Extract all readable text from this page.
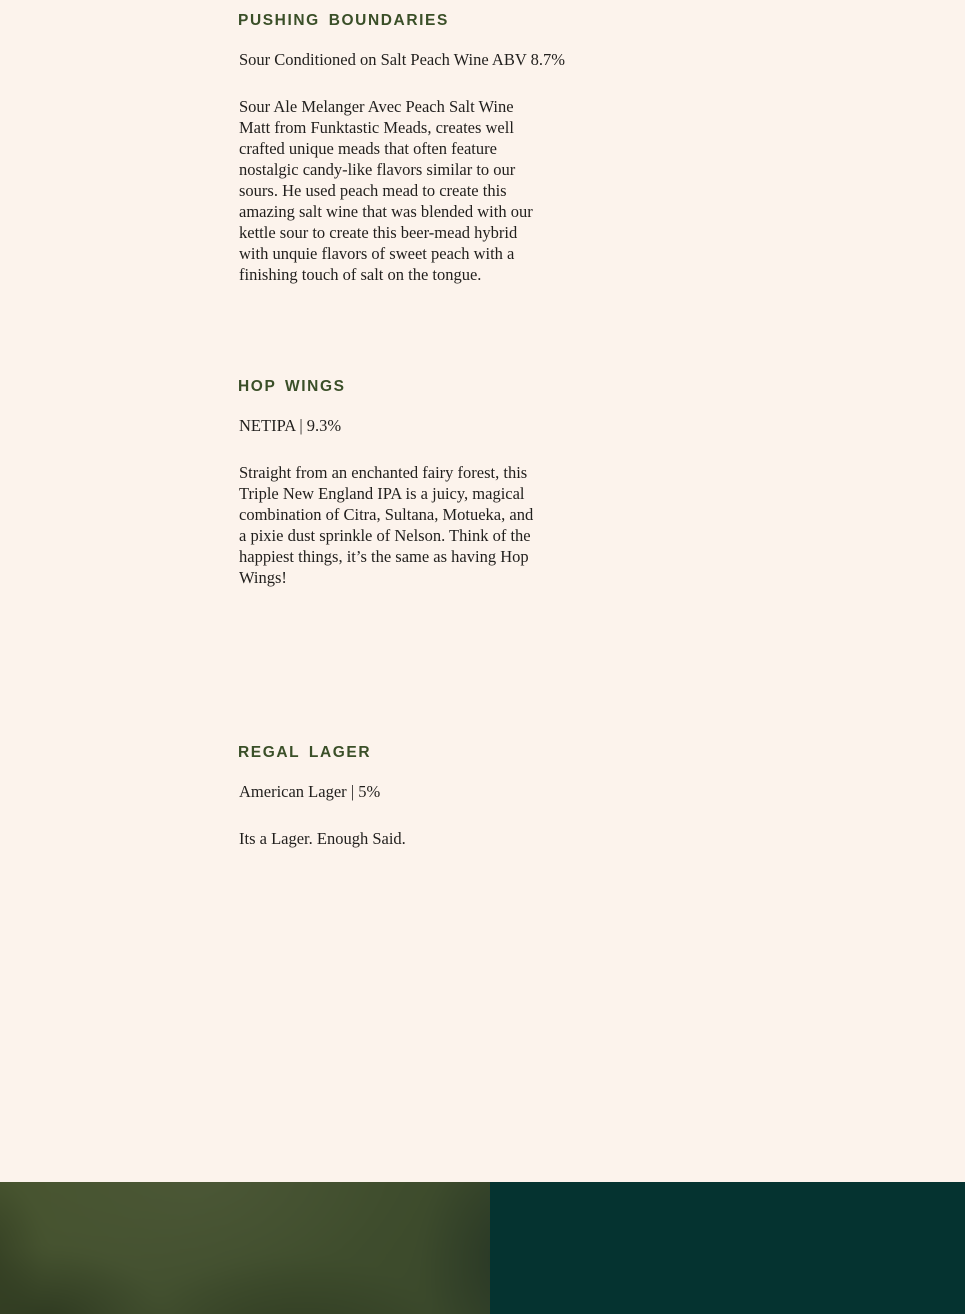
PUSHING BOUNDARIES

Sour Conditioned on Salt Peach Wine ABV 8.7%

Sour Ale Melanger Avec Peach Salt Wine
Matt from Funktastic Meads, creates well crafted unique meads that often feature nostalgic candy-like flavors similar to our sours. He used peach mead to create this amazing salt wine that was blended with our kettle sour to create this beer-mead hybrid with unquie flavors of sweet peach with a finishing touch of salt on the tongue.
HOP WINGS

NETIPA | 9.3%

Straight from an enchanted fairy forest, this Triple New England IPA is a juicy, magical combination of Citra, Sultana, Motueka, and a pixie dust sprinkle of Nelson. Think of the happiest things, it’s the same as having Hop Wings!
REGAL LAGER

American Lager | 5%

Its a Lager. Enough Said.
